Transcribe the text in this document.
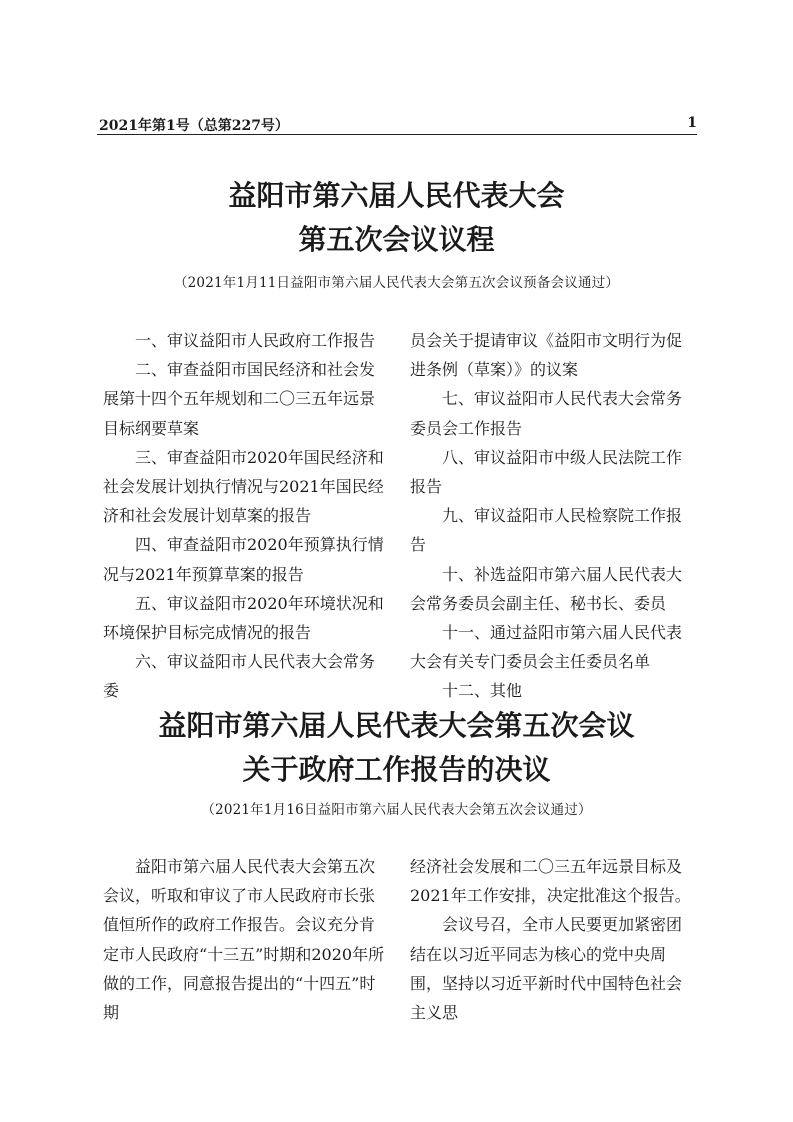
2021年第1号（总第227号）	1
益阳市第六届人民代表大会
第五次会议议程
（2021年1月11日益阳市第六届人民代表大会第五次会议预备会议通过）

一、审议益阳市人民政府工作报告

二、审查益阳市国民经济和社会发展第十四个五年规划和二〇三五年远景目标纲要草案

三、审查益阳市2020年国民经济和社会发展计划执行情况与2021年国民经济和社会发展计划草案的报告

四、审查益阳市2020年预算执行情况与2021年预算草案的报告

五、审议益阳市2020年环境状况和环境保护目标完成情况的报告

六、审议益阳市人民代表大会常务委

员会关于提请审议《益阳市文明行为促进条例（草案）》的议案

七、审议益阳市人民代表大会常务委员会工作报告

八、审议益阳市中级人民法院工作报告

九、审议益阳市人民检察院工作报告

十、补选益阳市第六届人民代表大会常务委员会副主任、秘书长、委员

十一、通过益阳市第六届人民代表大会有关专门委员会主任委员名单

十二、其他

益阳市第六届人民代表大会第五次会议
关于政府工作报告的决议
（2021年1月16日益阳市第六届人民代表大会第五次会议通过）

益阳市第六届人民代表大会第五次会议，听取和审议了市人民政府市长张值恒所作的政府工作报告。会议充分肯定市人民政府“十三五”时期和2020年所做的工作，同意报告提出的“十四五”时期

经济社会发展和二〇三五年远景目标及2021年工作安排，决定批准这个报告。

会议号召，全市人民要更加紧密团结在以习近平同志为核心的党中央周围，坚持以习近平新时代中国特色社会主义思
